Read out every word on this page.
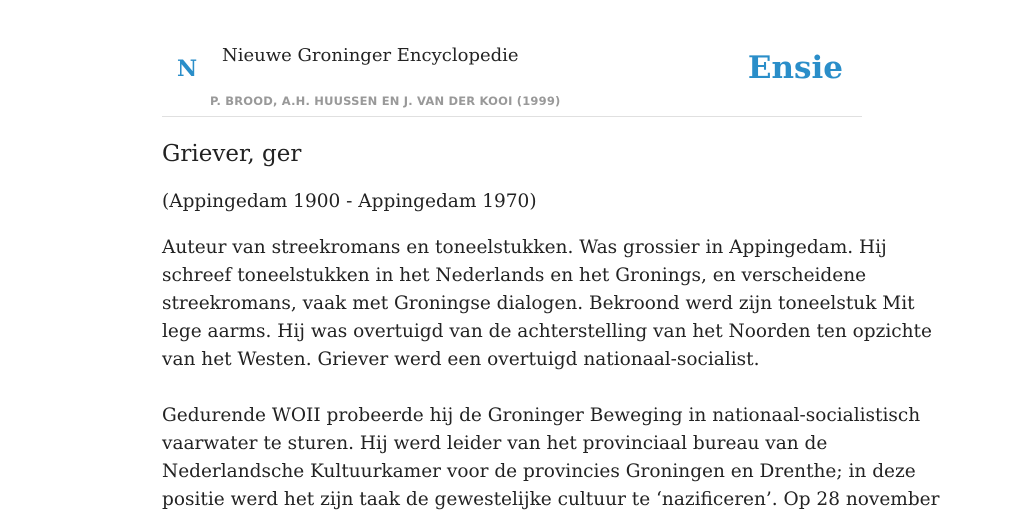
N
Nieuwe Groninger Encyclopedie
P. BROOD, A.H. HUUSSEN EN J. VAN DER KOOI (1999)
Ensie
Griever, ger

(Appingedam 1900 - Appingedam 1970)

Auteur van streekromans en toneelstukken. Was grossier in Appingedam. Hij
schreef toneelstukken in het Nederlands en het Gronings, en verscheidene
streekromans, vaak met Groningse dialogen. Bekroond werd zijn toneelstuk Mit
lege aarms. Hij was overtuigd van de achterstelling van het Noorden ten opzichte
van het Westen. Griever werd een overtuigd nationaal-socialist.

Gedurende WOII probeerde hij de Groninger Beweging in nationaal-socialistisch
vaarwater te sturen. Hij werd leider van het provinciaal bureau van de
Nederlandsche Kultuurkamer voor de provincies Groningen en Drenthe; in deze
positie werd het zijn taak de gewestelijke cultuur te ‘nazificeren’. Op 28 november
